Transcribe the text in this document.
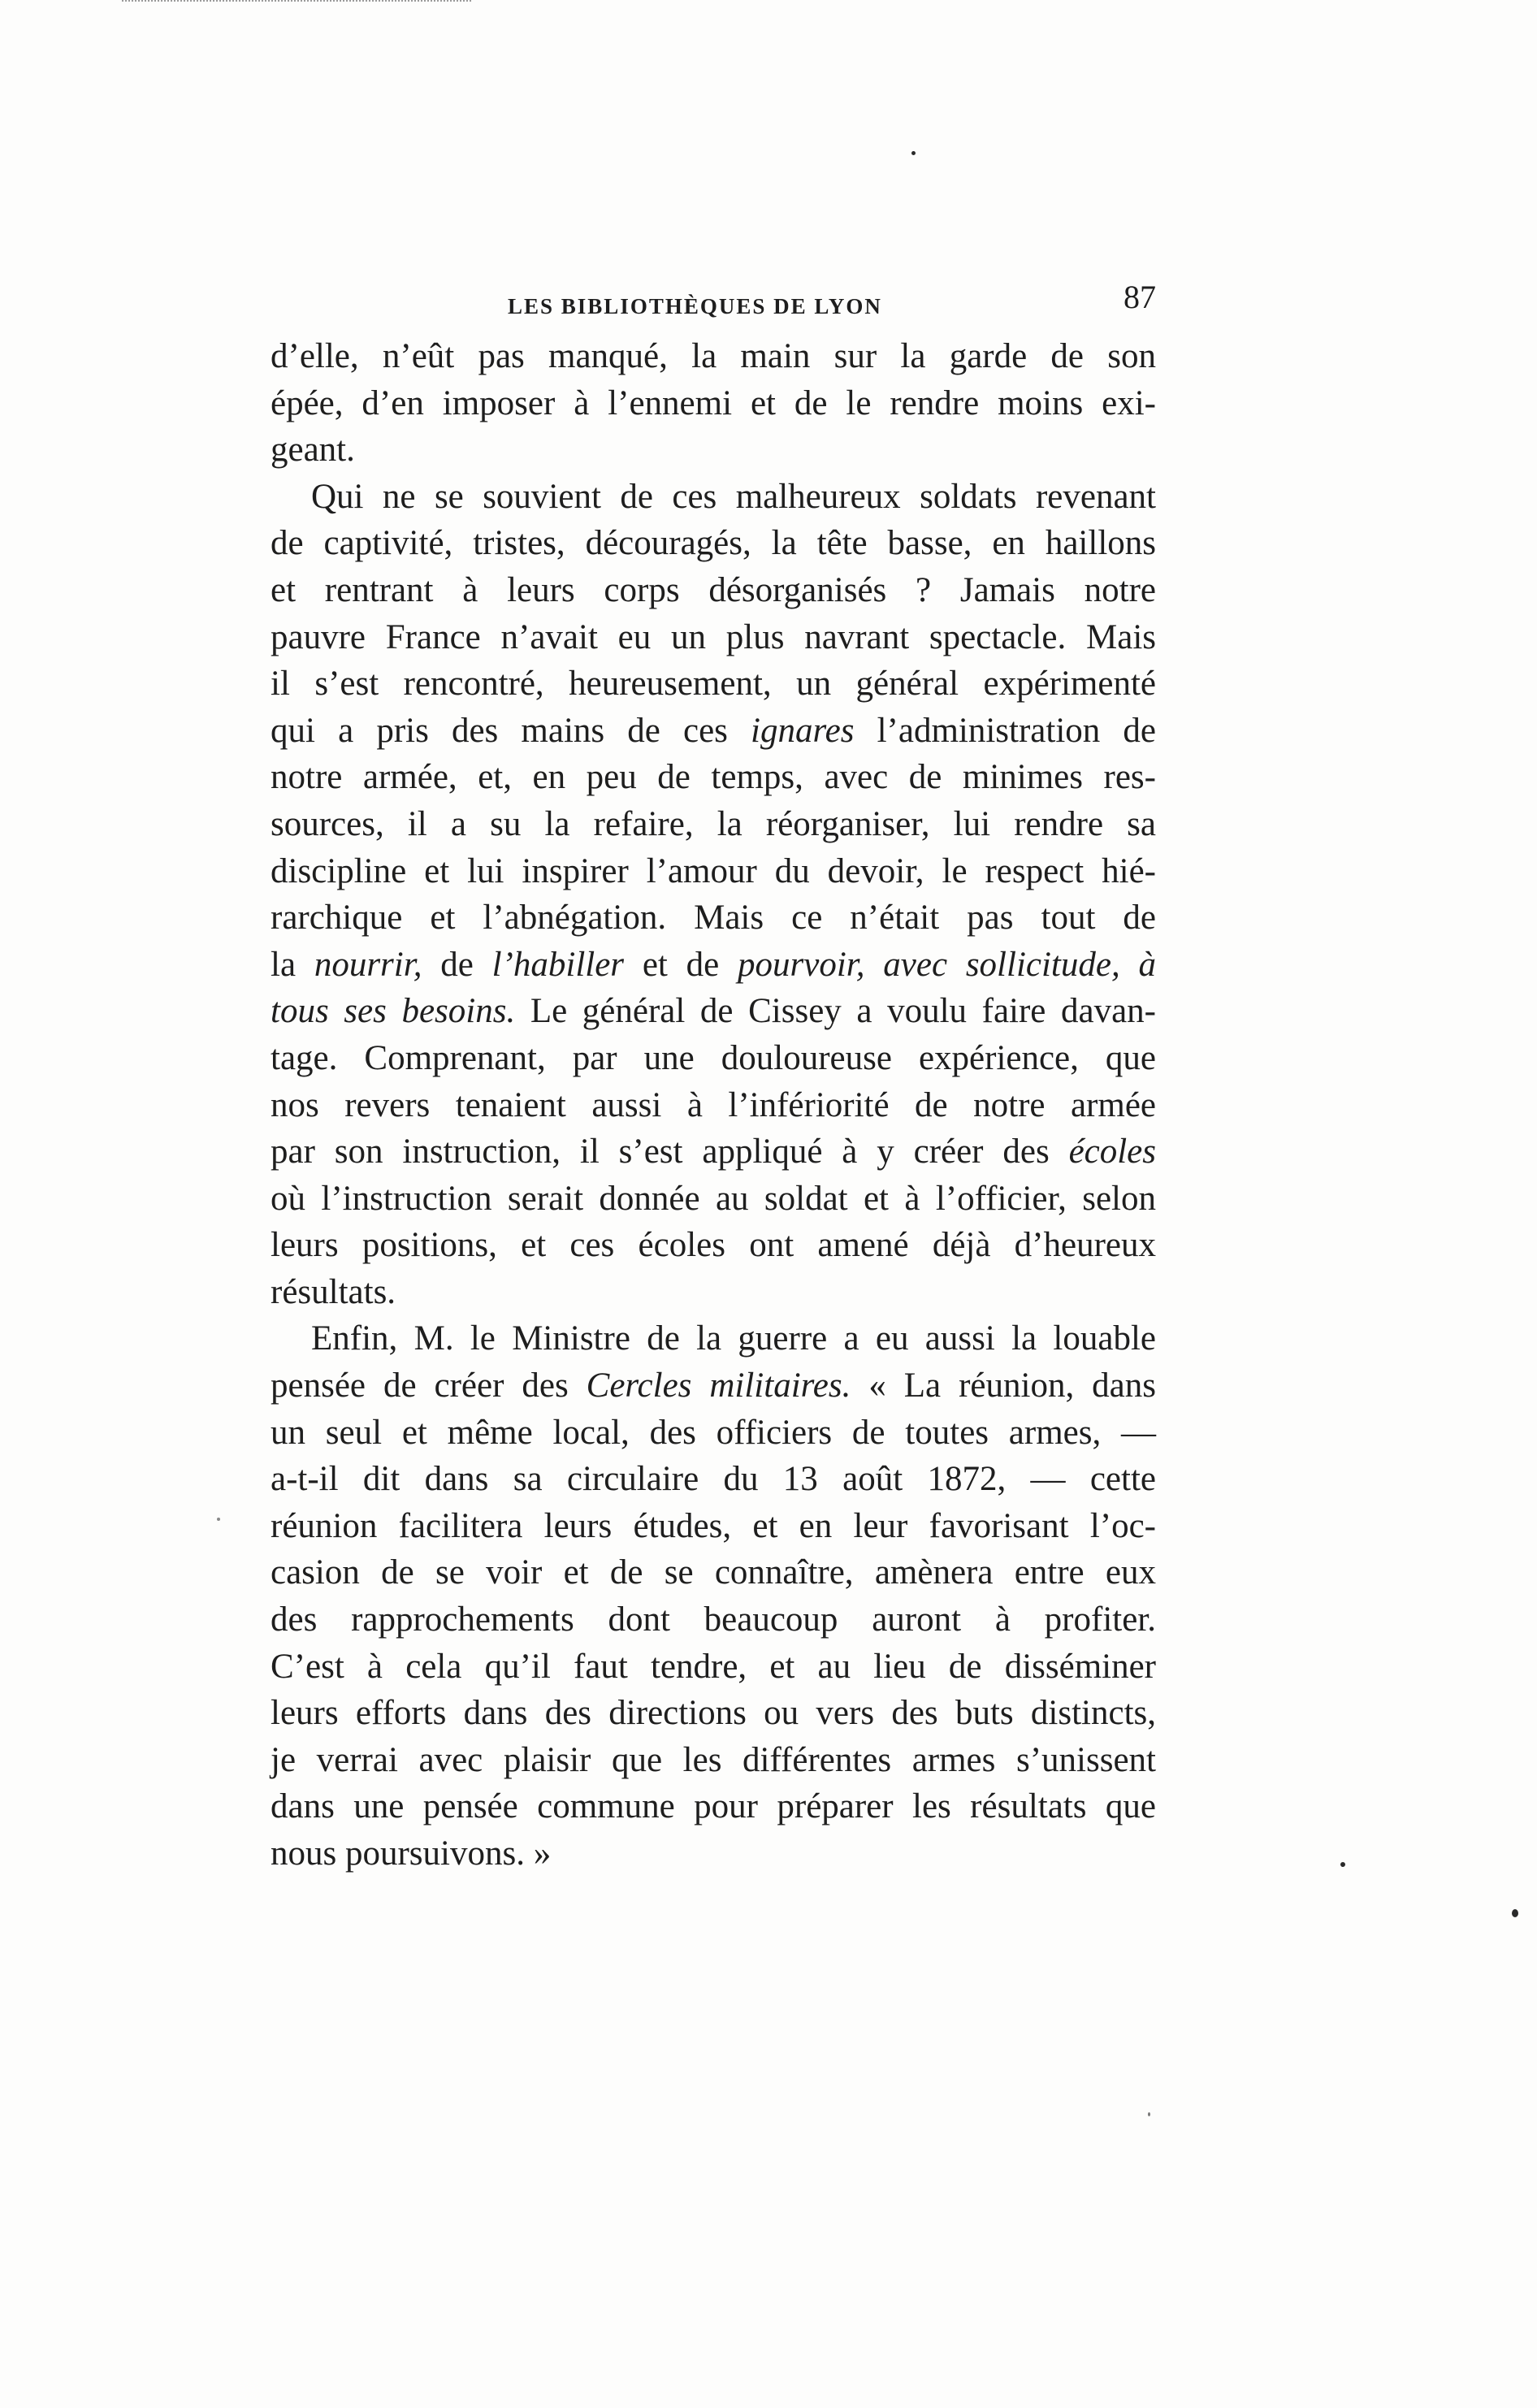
LES BIBLIOTHÈQUES DE LYON	87
d’elle, n’eût pas manqué, la main sur la garde de son
épée, d’en imposer à l’ennemi et de le rendre moins exi-
geant.
Qui ne se souvient de ces malheureux soldats revenant
de captivité, tristes, découragés, la tête basse, en haillons
et rentrant à leurs corps désorganisés ? Jamais notre
pauvre France n’avait eu un plus navrant spectacle. Mais
il s’est rencontré, heureusement, un général expérimenté
qui a pris des mains de ces ignares l’administration de
notre armée, et, en peu de temps, avec de minimes res-
sources, il a su la refaire, la réorganiser, lui rendre sa
discipline et lui inspirer l’amour du devoir, le respect hié-
rarchique et l’abnégation. Mais ce n’était pas tout de
la nourrir, de l’habiller et de pourvoir, avec sollicitude, à
tous ses besoins. Le général de Cissey a voulu faire davan-
tage. Comprenant, par une douloureuse expérience, que
nos revers tenaient aussi à l’infériorité de notre armée
par son instruction, il s’est appliqué à y créer des écoles
où l’instruction serait donnée au soldat et à l’officier, selon
leurs positions, et ces écoles ont amené déjà d’heureux
résultats.
Enfin, M. le Ministre de la guerre a eu aussi la louable
pensée de créer des Cercles militaires. « La réunion, dans
un seul et même local, des officiers de toutes armes, —
a-t-il dit dans sa circulaire du 13 août 1872, — cette
réunion facilitera leurs études, et en leur favorisant l’oc-
casion de se voir et de se connaître, amènera entre eux
des rapprochements dont beaucoup auront à profiter.
C’est à cela qu’il faut tendre, et au lieu de disséminer
leurs efforts dans des directions ou vers des buts distincts,
je verrai avec plaisir que les différentes armes s’unissent
dans une pensée commune pour préparer les résultats que
nous poursuivons. »
